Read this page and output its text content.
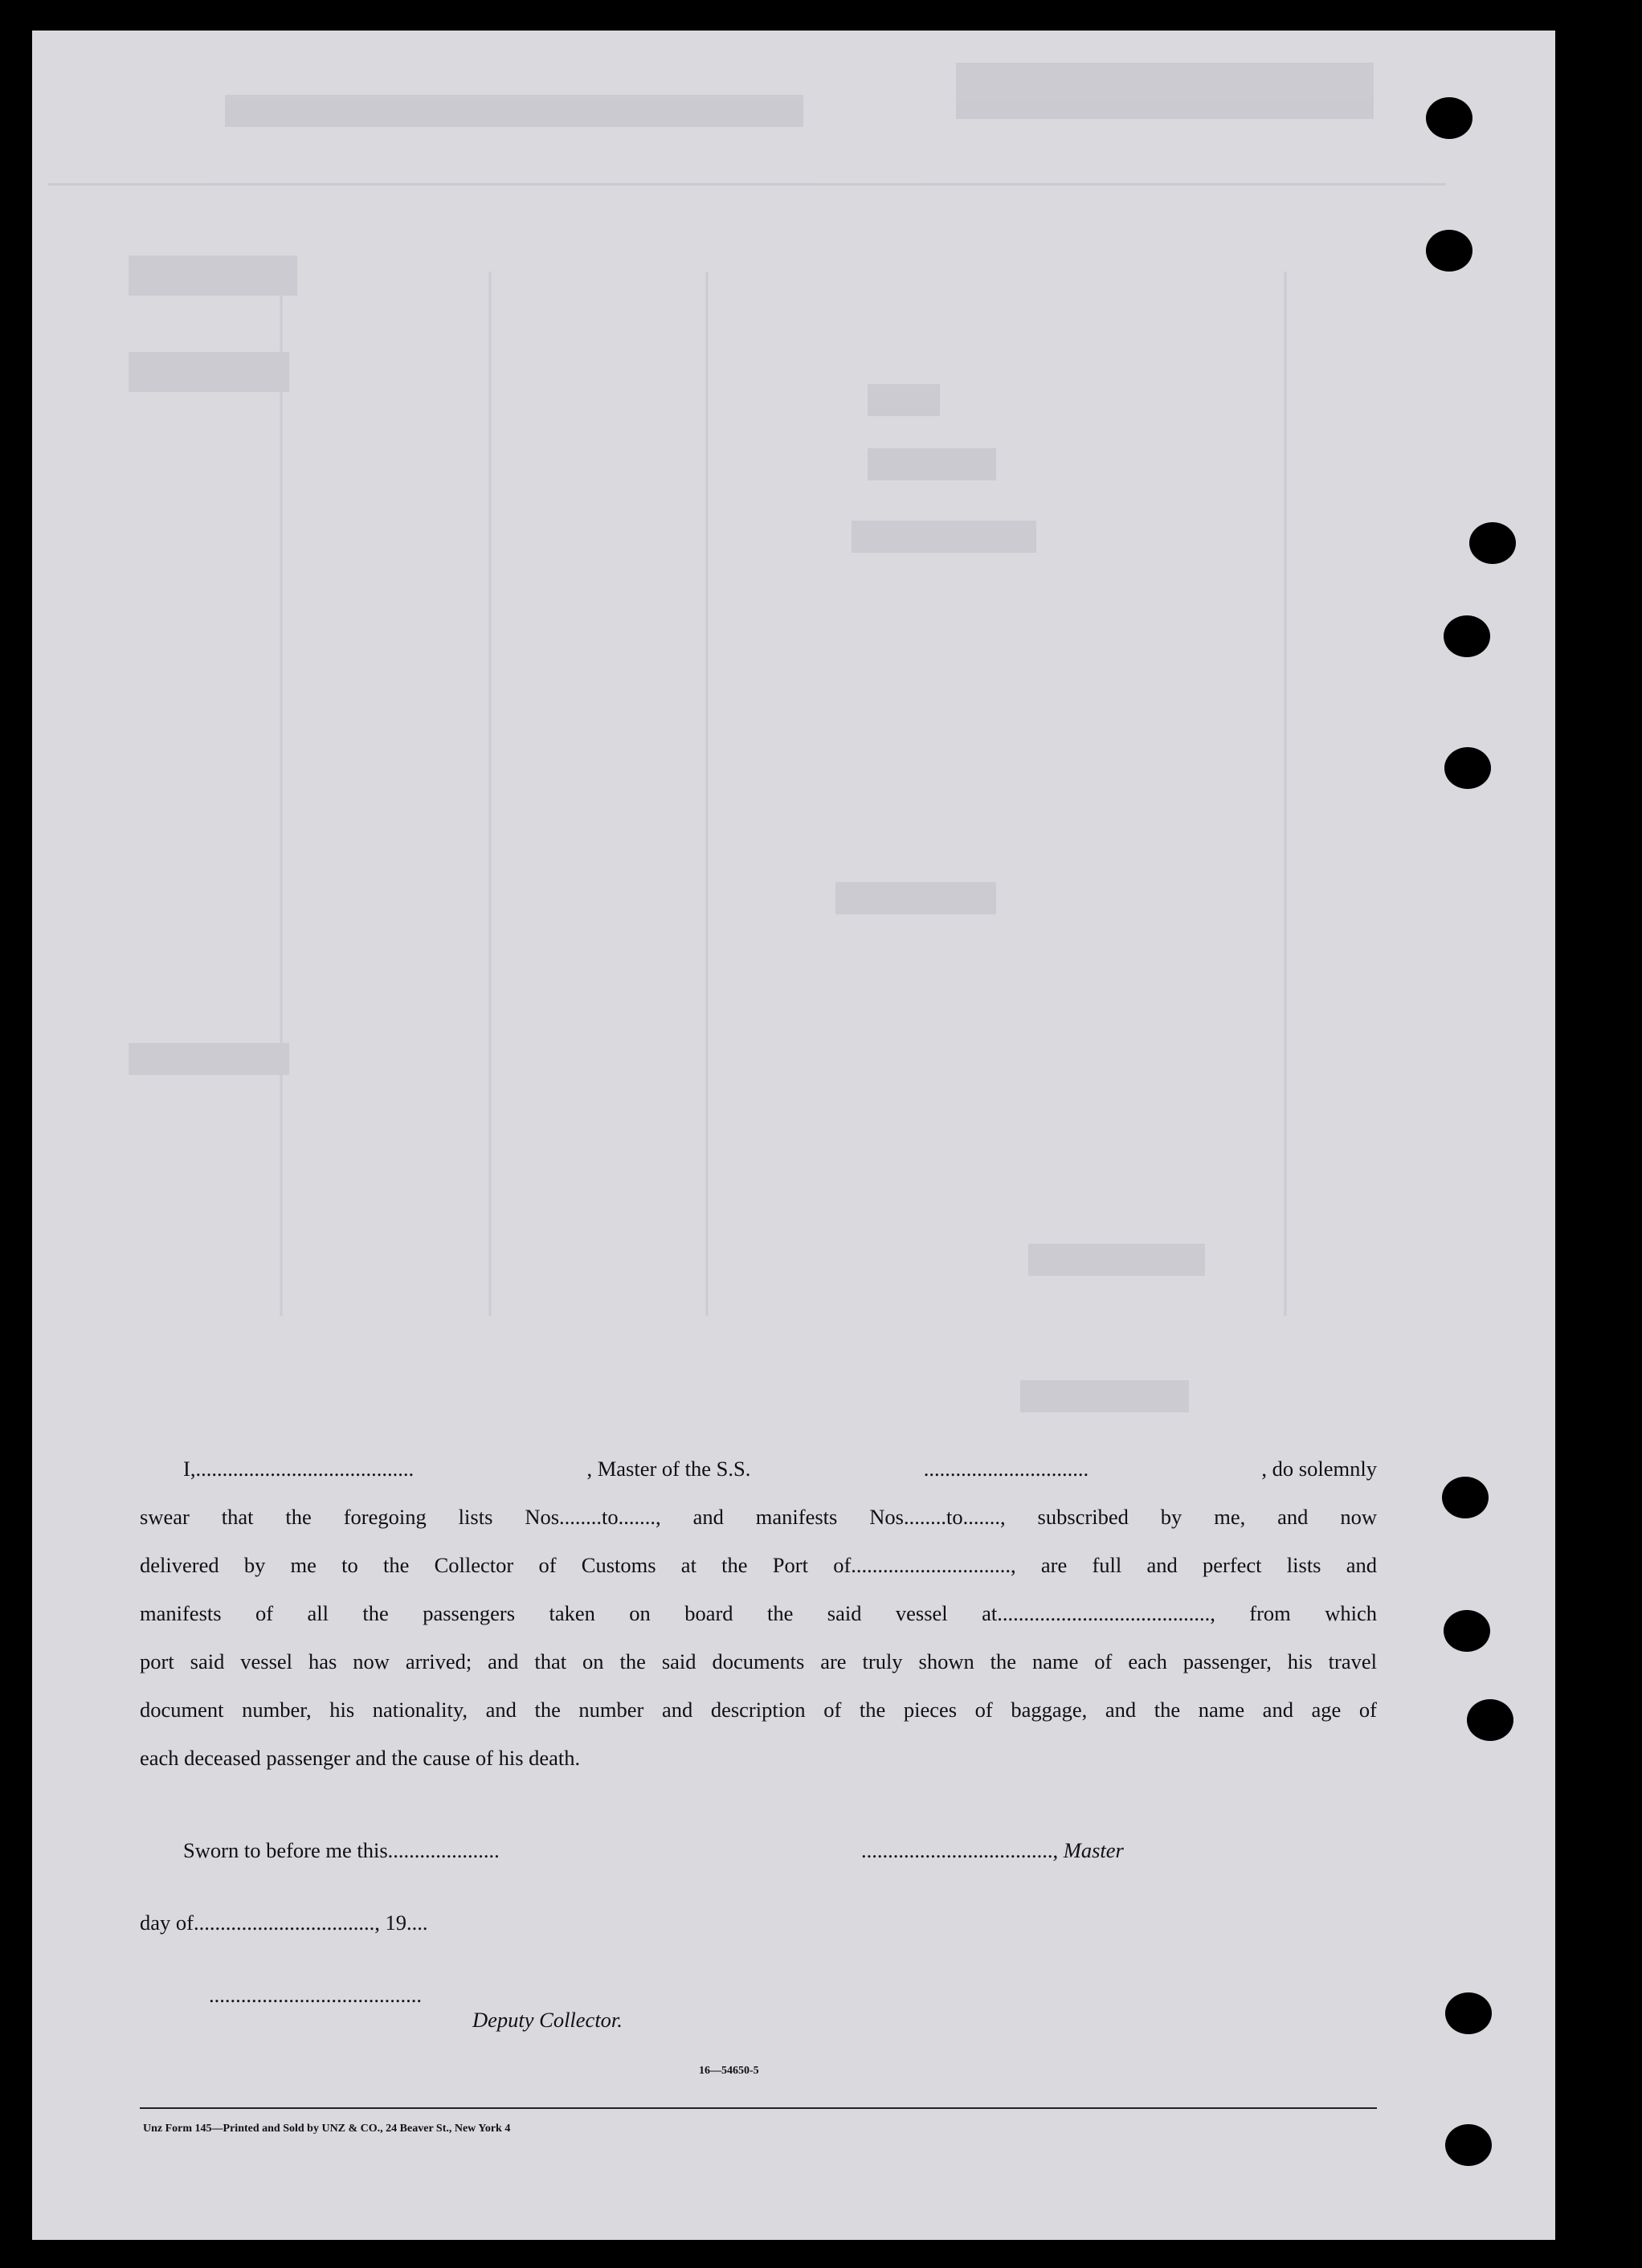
I,.........................................	, Master of the S.S.	...............................	, do solemnly
swear that the foregoing lists Nos........to......., and manifests Nos........to......., subscribed by me, and now
delivered by me to the Collector of Customs at the Port of.............................., are full and perfect lists and
manifests of all the passengers taken on board the said vessel at........................................, from which
port said vessel has now arrived; and that on the said documents are truly shown the name of each passenger, his travel
document number, his nationality, and the number and description of the pieces of baggage, and the name and age of
each deceased passenger and the cause of his death.
Sworn to before me this.....................	...................................., Master
day of.................................., 19....
........................................
Deputy Collector.
16—54650-5
Unz Form 145—Printed and Sold by UNZ & CO., 24 Beaver St., New York 4
